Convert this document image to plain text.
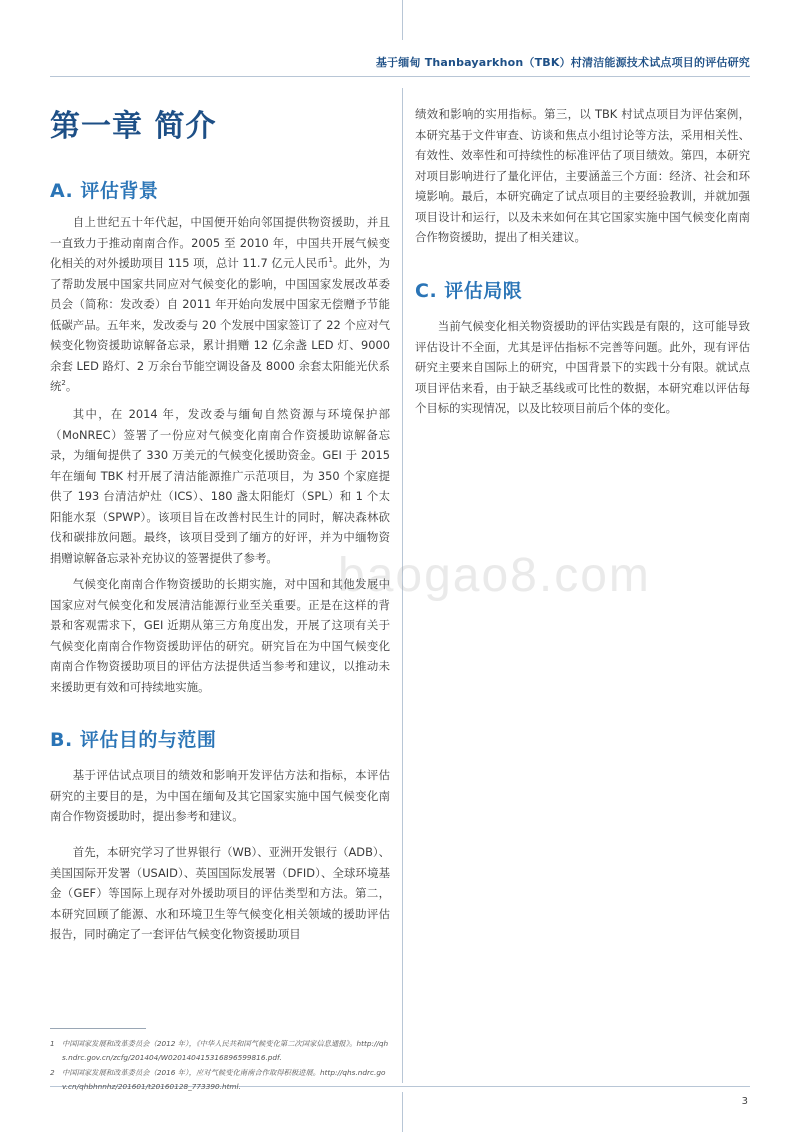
基于缅甸 Thanbayarkhon（TBK）村清洁能源技术试点项目的评估研究
第一章 简介
A. 评估背景

自上世纪五十年代起，中国便开始向邻国提供物资援助，并且一直致力于推动南南合作。2005 至 2010 年，中国共开展气候变化相关的对外援助项目 115 项，总计 11.7 亿元人民币$^1$。此外，为了帮助发展中国家共同应对气候变化的影响，中国国家发展改革委员会（简称：发改委）自 2011 年开始向发展中国家无偿赠予节能低碳产品。五年来，发改委与 20 个发展中国家签订了 22 个应对气候变化物资援助谅解备忘录，累计捐赠 12 亿余盏 LED 灯、9000 余套 LED 路灯、2 万余台节能空调设备及 8000 余套太阳能光伏系统$^2$。

其中，在 2014 年，发改委与缅甸自然资源与环境保护部（MoNREC）签署了一份应对气候变化南南合作资援助谅解备忘录，为缅甸提供了 330 万美元的气候变化援助资金。GEI 于 2015 年在缅甸 TBK 村开展了清洁能源推广示范项目，为 350 个家庭提供了 193 台清洁炉灶（ICS）、180 盏太阳能灯（SPL）和 1 个太阳能水泵（SPWP）。该项目旨在改善村民生计的同时，解决森林砍伐和碳排放问题。最终，该项目受到了缅方的好评，并为中缅物资捐赠谅解备忘录补充协议的签署提供了参考。

气候变化南南合作物资援助的长期实施，对中国和其他发展中国家应对气候变化和发展清洁能源行业至关重要。正是在这样的背景和客观需求下，GEI 近期从第三方角度出发，开展了这项有关于气候变化南南合作物资援助评估的研究。研究旨在为中国气候变化南南合作物资援助项目的评估方法提供适当参考和建议，以推动未来援助更有效和可持续地实施。

B. 评估目的与范围

基于评估试点项目的绩效和影响开发评估方法和指标，本评估研究的主要目的是，为中国在缅甸及其它国家实施中国气候变化南南合作物资援助时，提出参考和建议。

首先，本研究学习了世界银行（WB）、亚洲开发银行（ADB）、美国国际开发署（USAID）、英国国际发展署（DFID）、全球环境基金（GEF）等国际上现存对外援助项目的评估类型和方法。第二，本研究回顾了能源、水和环境卫生等气候变化相关领域的援助评估报告，同时确定了一套评估气候变化物资援助项目

绩效和影响的实用指标。第三，以 TBK 村试点项目为评估案例，本研究基于文件审查、访谈和焦点小组讨论等方法，采用相关性、有效性、效率性和可持续性的标准评估了项目绩效。第四，本研究对项目影响进行了量化评估，主要涵盖三个方面：经济、社会和环境影响。最后，本研究确定了试点项目的主要经验教训，并就加强项目设计和运行，以及未来如何在其它国家实施中国气候变化南南合作物资援助，提出了相关建议。

C. 评估局限

当前气候变化相关物资援助的评估实践是有限的，这可能导致评估设计不全面，尤其是评估指标不完善等问题。此外，现有评估研究主要来自国际上的研究，中国背景下的实践十分有限。就试点项目评估来看，由于缺乏基线或可比性的数据，本研究难以评估每个目标的实现情况，以及比较项目前后个体的变化。

1 中国国家发展和改革委员会（2012 年），《中华人民共和国气候变化第二次国家信息通报》。http://qhs.ndrc.gov.cn/zcfg/201404/W020140415316896599816.pdf.

2 中国国家发展和改革委员会（2016 年），应对气候变化南南合作取得积极进展。http://qhs.ndrc.gov.cn/qhbhnnhz/201601/t20160128_773390.html.

baogao8.com
3
